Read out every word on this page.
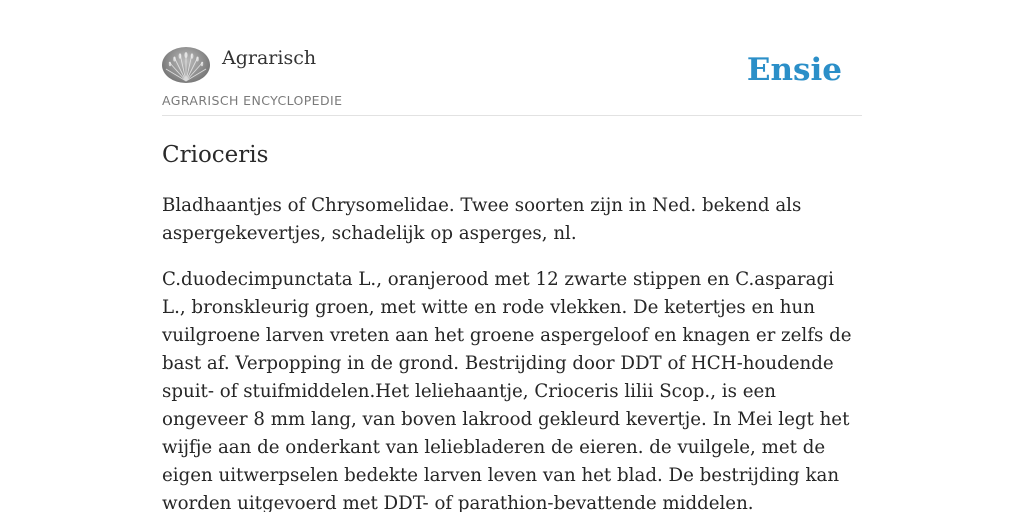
Agrarisch
AGRARISCH ENCYCLOPEDIE
Ensie
Crioceris

Bladhaantjes of Chrysomelidae. Twee soorten zijn in Ned. bekend als aspergekevertjes, schadelijk op asperges, nl.

C.duodecimpunctata L., oranjerood met 12 zwarte stippen en C.asparagi L., bronskleurig groen, met witte en rode vlekken. De ketertjes en hun vuilgroene larven vreten aan het groene aspergeloof en knagen er zelfs de bast af. Verpopping in de grond. Bestrijding door DDT of HCH-houdende spuit- of stuifmiddelen.Het leliehaantje, Crioceris lilii Scop., is een ongeveer 8 mm lang, van boven lakrood gekleurd kevertje. In Mei legt het wijfje aan de onderkant van leliebladeren de eieren. de vuilgele, met de eigen uitwerpselen bedekte larven leven van het blad. De bestrijding kan worden uitgevoerd met DDT- of parathion-bevattende middelen.
